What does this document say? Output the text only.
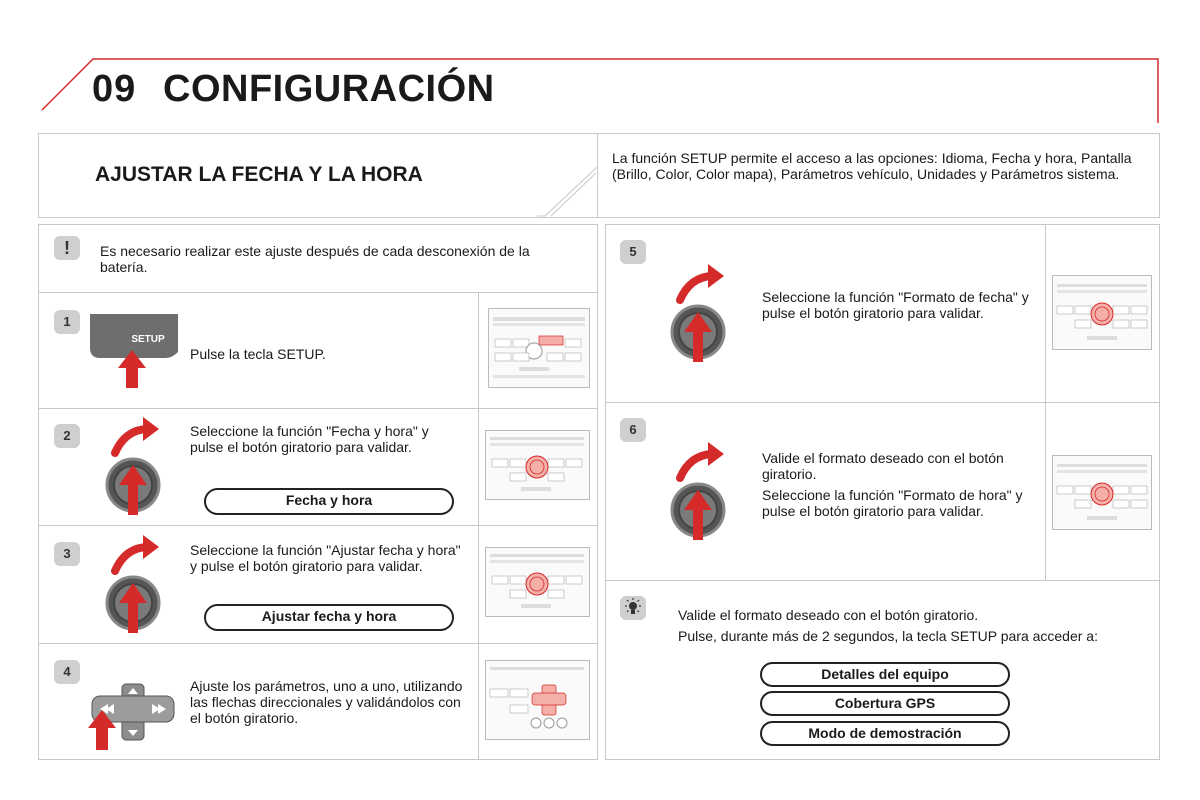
09 CONFIGURACIÓN
AJUSTAR LA FECHA Y LA HORA
La función SETUP permite el acceso a las opciones: Idioma, Fecha y hora, Pantalla (Brillo, Color, Color mapa), Parámetros vehículo, Unidades y Parámetros sistema.
!	Es necesario realizar este ajuste después de cada desconexión de la batería.
1
SETUP
Pulse la tecla SETUP.
2	Seleccione la función "Fecha y hora" y pulse el botón giratorio para validar.
Fecha y hora
3	Seleccione la función "Ajustar fecha y hora" y pulse el botón giratorio para validar.
Ajustar fecha y hora
4
Ajuste los parámetros, uno a uno, utilizando las flechas direccionales y validándolos con el botón giratorio.
5
Seleccione la función "Formato de fecha" y pulse el botón giratorio para validar.
6
Valide el formato deseado con el botón giratorio.
Seleccione la función "Formato de hora" y pulse el botón giratorio para validar.
Valide el formato deseado con el botón giratorio.
Pulse, durante más de 2 segundos, la tecla SETUP para acceder a:
Detalles del equipo
Cobertura GPS
Modo de demostración
